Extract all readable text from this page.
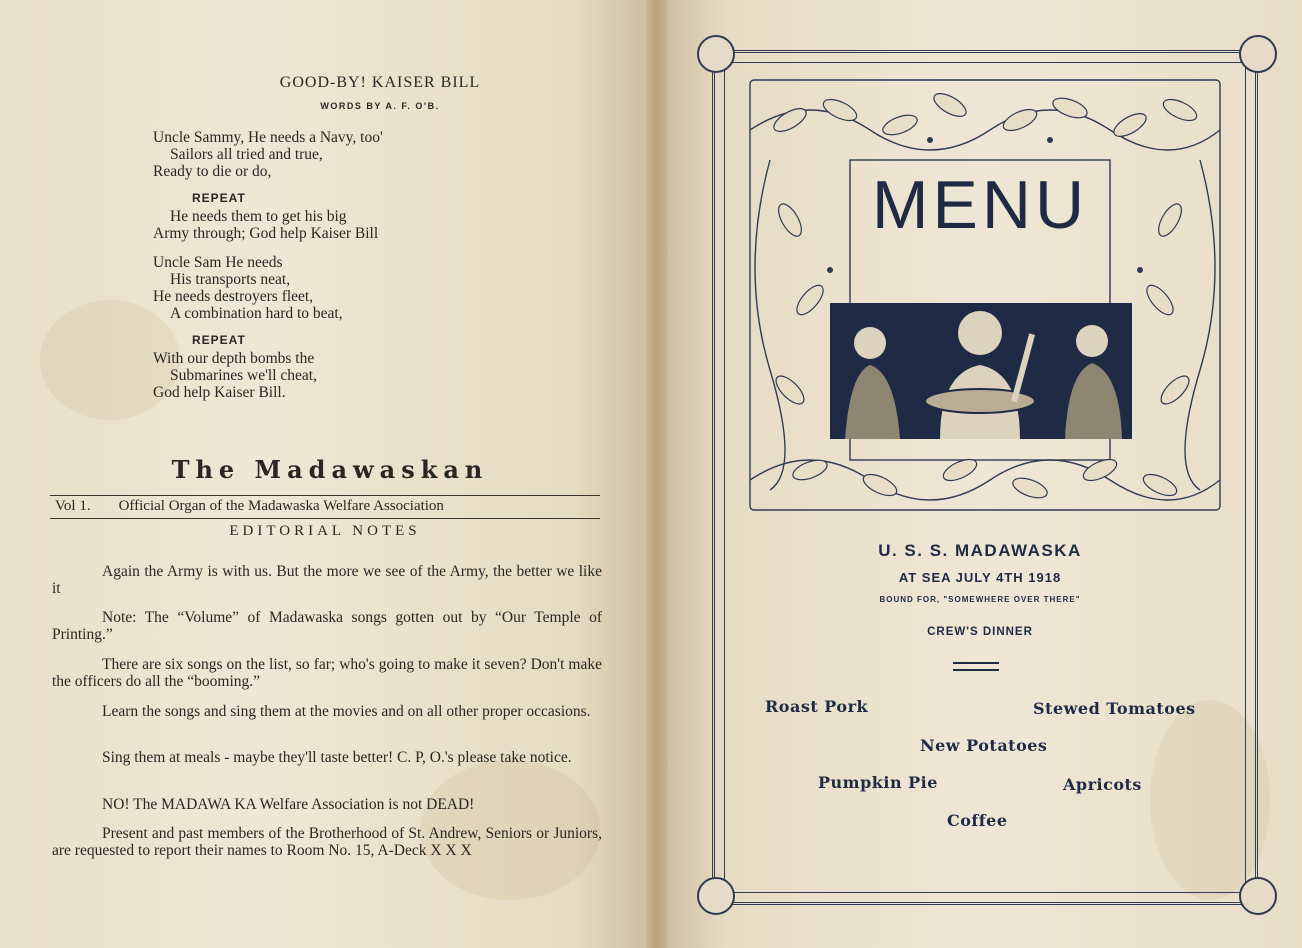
GOOD-BY! KAISER BILL
WORDS BY A. F. O'B.
Uncle Sammy, He needs a Navy, too'
Sailors all tried and true,
Ready to die or do,
REPEAT
He needs them to get his big
Army through; God help Kaiser Bill
Uncle Sam He needs
His transports neat,
He needs destroyers fleet,
A combination hard to beat,
REPEAT
With our depth bombs the
Submarines we'll cheat,
God help Kaiser Bill.
The Madawaskan
Vol 1. Official Organ of the Madawaska Welfare Association
EDITORIAL NOTES
Again the Army is with us. But the more we see of the Army, the better we like it
Note: The “Volume” of Madawaska songs gotten out by “Our Temple of Printing.”
There are six songs on the list, so far; who's going to make it seven? Don't make the officers do all the “booming.”
Learn the songs and sing them at the movies and on all other proper occasions.
Sing them at meals - maybe they'll taste better! C. P, O.'s please take notice.
NO! The MADAWA KA Welfare Association is not DEAD!
Present and past members of the Brotherhood of St. Andrew, Seniors or Juniors, are requested to report their names to Room No. 15, A-Deck X X X
MENU
U. S. S. MADAWASKA
AT SEA JULY 4TH 1918
BOUND FOR, "SOMEWHERE OVER THERE"
CREW'S DINNER
Roast Pork	Stewed Tomatoes
New Potatoes
Pumpkin Pie	Apricots
Coffee
